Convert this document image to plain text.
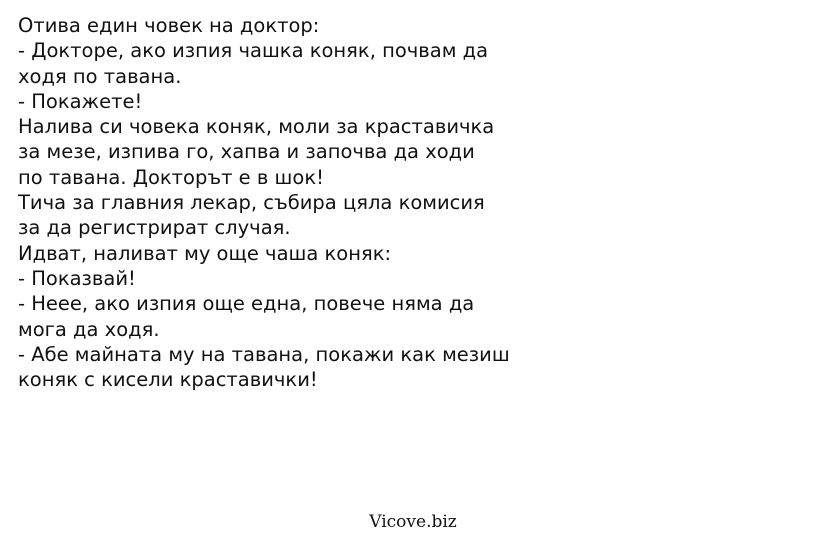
Отива един човек на доктор:
- Докторе, ако изпия чашка коняк, почвам да
ходя по тавана.
- Покажете!
Налива си човека коняк, моли за краставичка
за мезе, изпива го, хапва и започва да ходи
по тавана. Докторът е в шок!
Тича за главния лекар, събира цяла комисия
за да регистрират случая.
Идват, наливат му още чаша коняк:
- Показвай!
- Неее, ако изпия още една, повече няма да
мога да ходя.
- Абе майната му на тавана, покажи как мезиш
коняк с кисели краставички!
Vicove.biz
